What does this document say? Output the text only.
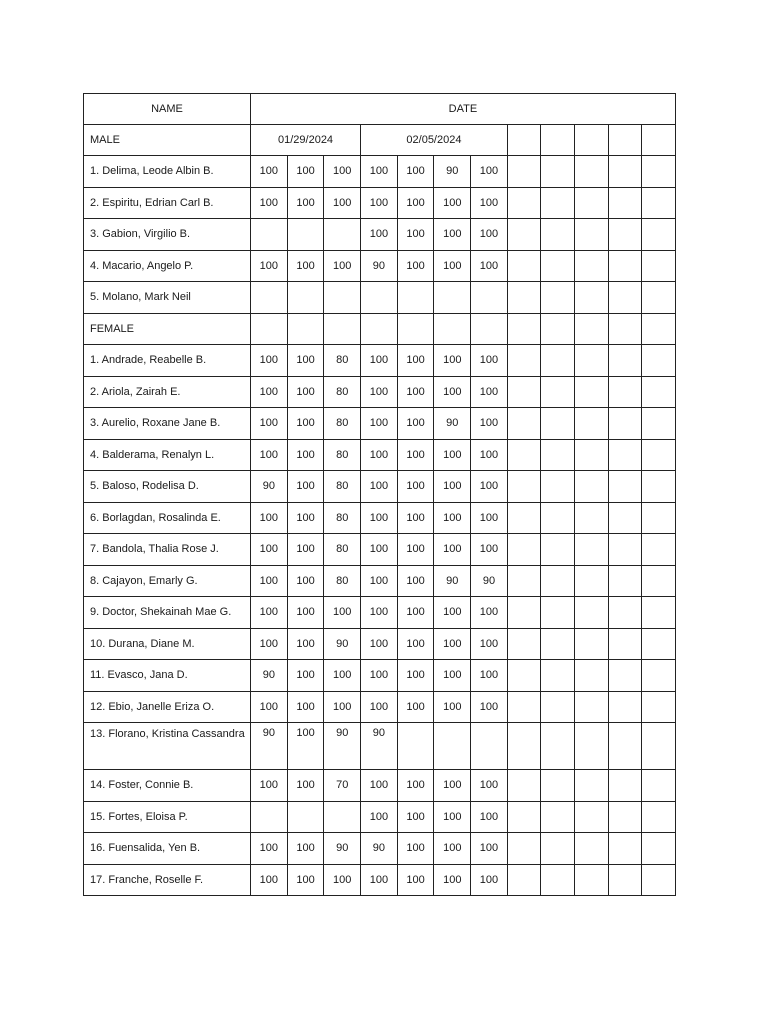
NAME	DATE											
MALE	01/29/2024			02/05/2024								
1. Delima, Leode Albin B.	100	100	100	100	100	90	100					
2. Espiritu, Edrian Carl B.	100	100	100	100	100	100	100					
3. Gabion, Virgilio B.				100	100	100	100					
4. Macario, Angelo P.	100	100	100	90	100	100	100					
5. Molano, Mark Neil												
FEMALE												
1. Andrade, Reabelle B.	100	100	80	100	100	100	100					
2. Ariola, Zairah E.	100	100	80	100	100	100	100					
3. Aurelio, Roxane Jane B.	100	100	80	100	100	90	100					
4. Balderama, Renalyn L.	100	100	80	100	100	100	100					
5. Baloso, Rodelisa D.	90	100	80	100	100	100	100					
6. Borlagdan, Rosalinda E.	100	100	80	100	100	100	100					
7. Bandola, Thalia Rose J.	100	100	80	100	100	100	100					
8. Cajayon, Emarly G.	100	100	80	100	100	90	90					
9. Doctor, Shekainah Mae G.	100	100	100	100	100	100	100					
10. Durana, Diane M.	100	100	90	100	100	100	100					
11. Evasco, Jana D.	90	100	100	100	100	100	100					
12. Ebio, Janelle Eriza O.	100	100	100	100	100	100	100					
13. Florano, Kristina Cassandra	90	100	90	90								
14. Foster, Connie B.	100	100	70	100	100	100	100					
15. Fortes, Eloisa P.				100	100	100	100					
16. Fuensalida, Yen B.	100	100	90	90	100	100	100					
17. Franche, Roselle F.	100	100	100	100	100	100	100					
